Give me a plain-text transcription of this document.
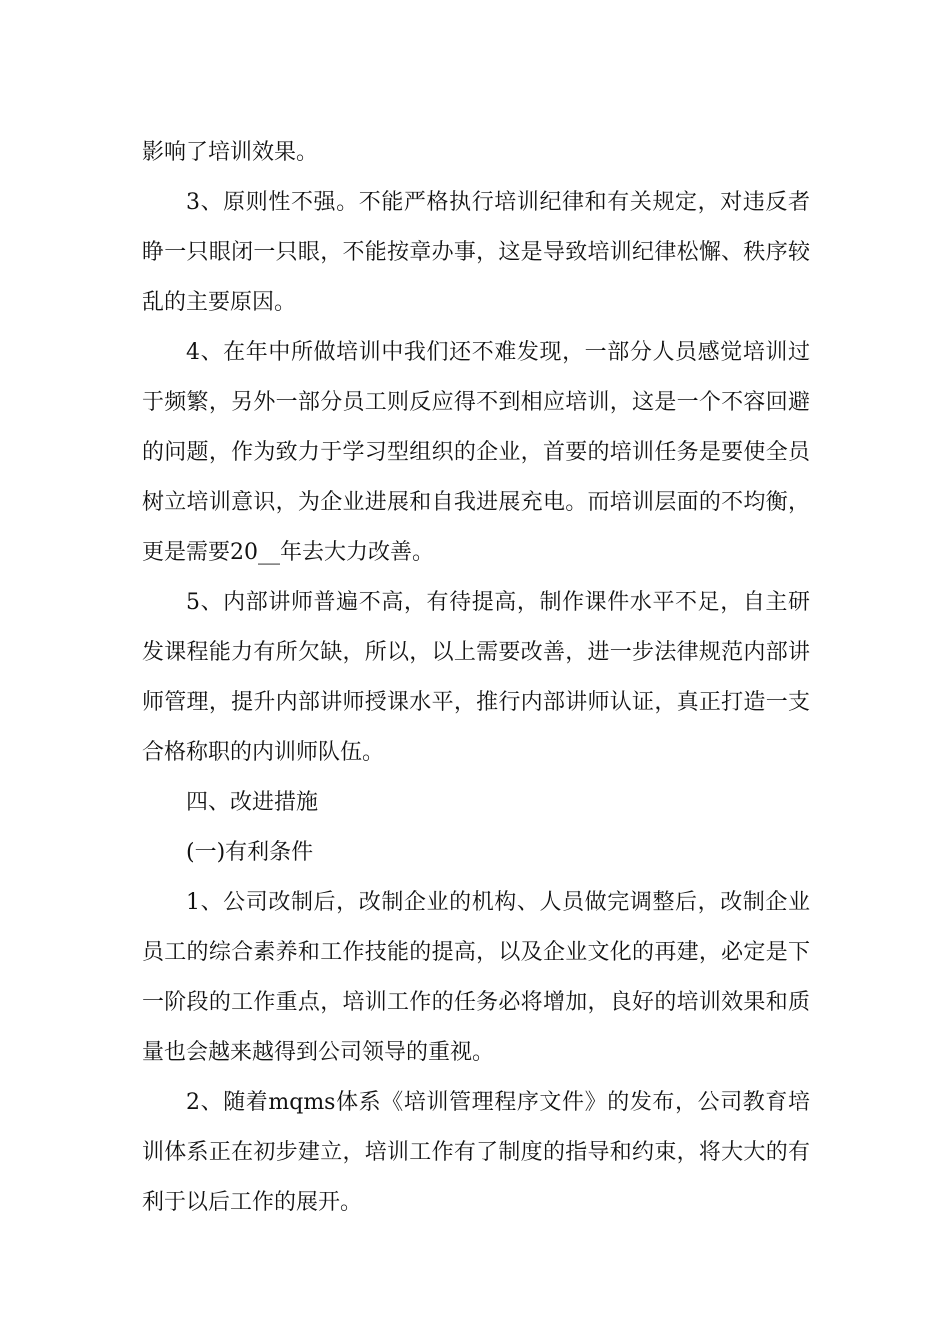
影响了培训效果。

3、原则性不强。不能严格执行培训纪律和有关规定，对违反者睁一只眼闭一只眼，不能按章办事，这是导致培训纪律松懈、秩序较乱的主要原因。

4、在年中所做培训中我们还不难发现，一部分人员感觉培训过于频繁，另外一部分员工则反应得不到相应培训，这是一个不容回避的问题，作为致力于学习型组织的企业，首要的培训任务是要使全员树立培训意识，为企业进展和自我进展充电。而培训层面的不均衡，更是需要20__年去大力改善。

5、内部讲师普遍不高，有待提高，制作课件水平不足，自主研发课程能力有所欠缺，所以，以上需要改善，进一步法律规范内部讲师管理，提升内部讲师授课水平，推行内部讲师认证，真正打造一支合格称职的内训师队伍。

四、改进措施

(一)有利条件

1、公司改制后，改制企业的机构、人员做完调整后，改制企业员工的综合素养和工作技能的提高，以及企业文化的再建，必定是下一阶段的工作重点，培训工作的任务必将增加，良好的培训效果和质量也会越来越得到公司领导的重视。

2、随着mqms体系《培训管理程序文件》的发布，公司教育培训体系正在初步建立，培训工作有了制度的指导和约束，将大大的有利于以后工作的展开。
